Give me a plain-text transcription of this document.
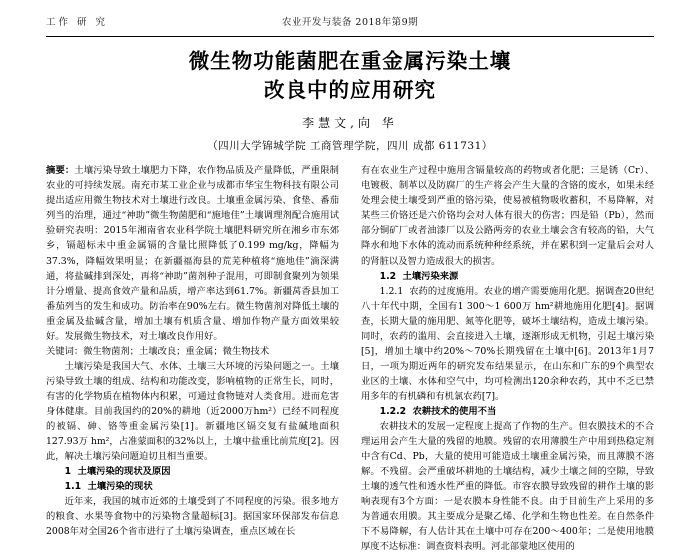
工作 研 究	农业开发与装备 2018年第9期
微生物功能菌肥在重金属污染土壤
改良中的应用研究
李慧文,向 华
（四川大学锦城学院 工商管理学院，四川 成都 611731）

摘要：土壤污染导致土壤肥力下降，农作物品质及产量降低，严重限制农业的可持续发展。南充市某工业企业与成都市华宝生物科技有限公司提出适应用微生物技术对土壤进行改良。土壤重金属污染、食垫、番茄列当的治理，通过“神助”微生物菌肥和“施地佳”土壤调理剂配合施用试验研究表明：2015年湘南省农业科学院土壤肥料研究所在湘乡市东郊乡，镉超标未中重金属镉的含量比照降低了0.199 mg/kg，降幅为37.3%，降幅效果明显；在新疆福海县的荒芜种植将“施地佳”滴深满通，将盐碱排到深处，再将“神助”菌剂种子混用，可即制食聚列为领果计分增量、提高食效产量和品质，增产率达到61.7%。新疆莴香县加工番茄列当的发生和成功。防治率在90%左右。微生物菌剂对降低土壤的重金属及盐碱含量，增加土壤有机质含量、增加作物产量方面效果较好。发展微生物技术，对土壤改良作用好。

关键词：微生物菌剂；土壤改良；重金属；微生物技术

土壤污染是我国大气、水体、土壤三大环境的污染问题之一。土壤污染导致土壤的组成、结构和功能改变，影响植物的正常生长，同时，有害的化学物质在植物体内积累，可通过食物链对人类食用。进而危害身体健康。目前我国约的20%的耕地（近2000万hm²）已经不同程度的被镉、砷、铬等重金属污染[1]。新疆地区镉交复有盐碱地面积127.93万 hm²，占准蒙面积的32%以上，土壤中盐重比前荒度[2]。因此，解决土壤污染问题迫切且相当重要。

1 土壤污染的现状及原因

1.1 土壤污染的现状

近年来，我国的城市近郊的土壤受到了不同程度的污染。很多地方的粮食、水果等食物中的污染物含量超标[3]。据国家环保部发布信息2008年对全国26个省市进行了土壤污染调查，重点区域在长

有在农业生产过程中施用含镉量较高的药物或者化肥；三是锈（Cr）、电镀极、制革以及防腐厂的生产将会产生大量的含铬的废水，如果未经处理会使土壤受到严重的铬污染，使易被植物吸收蓄积，不易降解，对某些三价铬还是六价铬均会对人体有很大的伤害；四是铅（Pb），然而部分铜矿厂或者油漆厂以及公路两旁的农业土壤会含有较高的铅，大气降水和地下水体的流动而系统种种经系统，并在累积到一定量后会对人的肾脏以及智力造成很大的损害。

1.2 土壤污染来源

1.2.1 农药的过度施用。农业的增产需要施用化肥。据调查20世纪八十年代中期，全国有1 300～1 600万 hm²耕地施用化肥[4]。据调查，长期大量的施用肥、氮等化肥等，破坏土壤结构，造成土壤污染。同时，农药的滥用、会直接进入土壤，逐渐形成无机物，引起土壤污染[5]，增加土壤中约20%～70%长期残留在土壤中[6]。2013年1月7日，一项为期近两年的研究发布结果显示，在山东和广东的9个典型农业区的土壤、水体和空气中，均可检测出120余种农药，其中不乏已禁用多年的有机磷和有机氯农药[7]。

1.2.2 农耕技术的使用不当

农耕技术的发展一定程度上提高了作物的生产。但农膜技术的不合理运用会产生大量的残留的地膜。残留的农用薄膜生产中用到热稳定剂中含有Cd、Pb，大量的使用可能造成土壤重金属污染，而且薄膜不溶解。不残留。会严重破坏耕地的土壤结构，减少土壤之间的空隙，导致土壤的透气性和透水性严重的降低。市容农膜导致残留的耕作土壤的影响表现有3个方面：一是农膜本身性能不良。由于目前生产上采用的多为普通农用膜。其主要成分是聚乙烯、化学和生物也性差。在自然条件下不易降解，有人估计其在土壤中可存在200～400年；二是使用地膜厚度不达标准：调查资料表明。河北部蒙地区使用的
